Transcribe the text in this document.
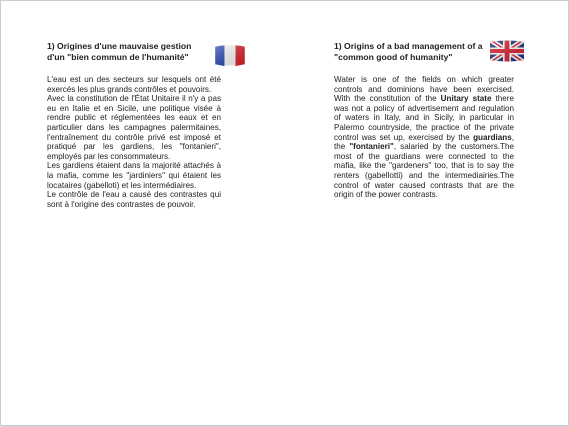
1) Origines d'une mauvaise gestion
d'un "bien commun de l'humanité"

L'eau est un des secteurs sur lesquels ont été exercés les plus grands contrôles et pouvoirs.

Avec la constitution de l'État Unitaire il n'y a pas eu en Italie et en Sicile, une politique visée à rendre public et réglementées les eaux et en particulier dans les campagnes palermitaines, l'entraînement du contrôle privé est imposé et pratiqué par les gardiens, les "fontanieri", employés par les consommateurs.

Les gardiens étaient dans la majorité attachés à la mafia, comme les "jardiniers" qui étaient les locataires (gabelloti) et les intermédiaires.

Le contrôle de l'eau a causé des contrastes qui sont à l'origine des contrastes de pouvoir.

1) Origins of a bad management of a
"common good of humanity"

Water is one of the fields on which greater controls and dominions have been exercised. With the constitution of the Unitary state there was not a policy of advertisement and regulation of waters in Italy, and in Sicily, in particular in Palermo countryside, the practice of the private control was set up, exercised by the guardians, the "fontanieri", salaried by the customers.The most of the guardians were connected to the mafia, like the "gardeners" too, that is to say the renters (gabellotti) and the intermediairies.The control of water caused contrasts that are the origin of the power contrasts.
